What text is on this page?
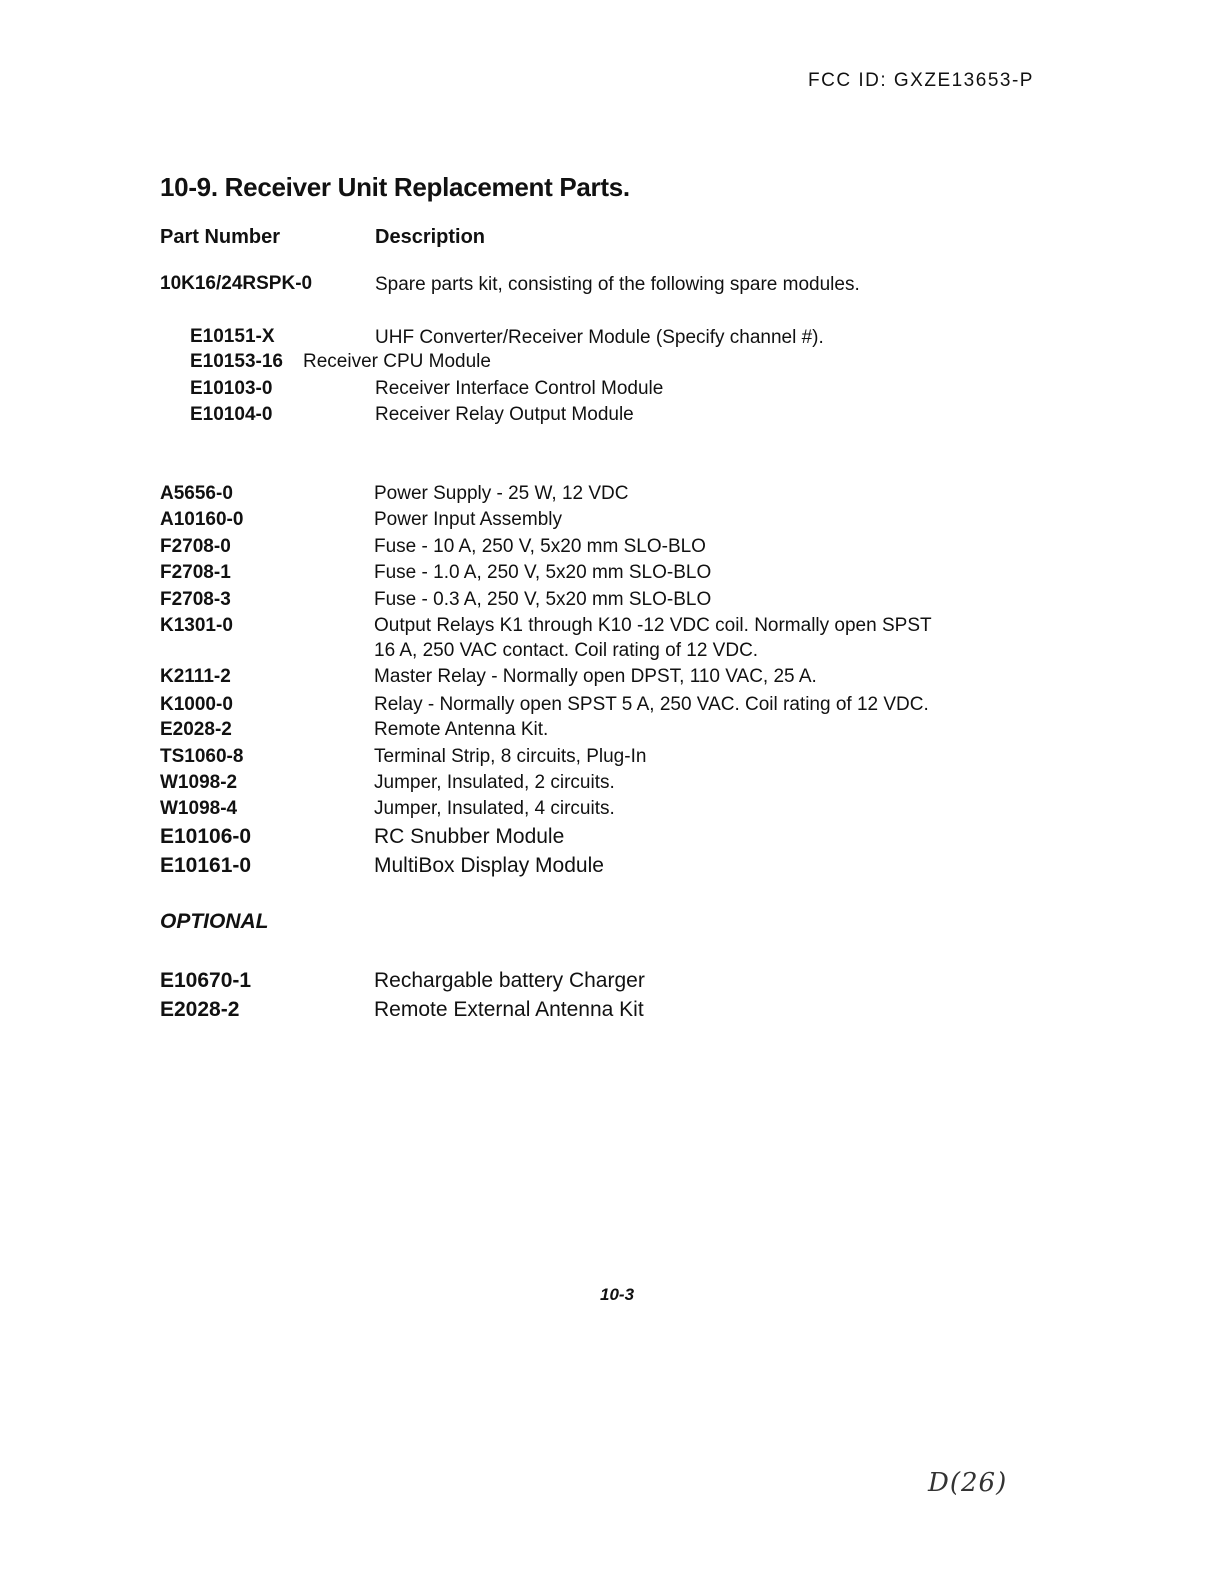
FCC ID: GXZE13653-P
10-9. Receiver Unit Replacement Parts.
Part Number	Description
10K16/24RSPK-0	Spare parts kit, consisting of the following spare modules.
E10151-X	UHF Converter/Receiver Module (Specify channel #).
E10153-16 Receiver CPU Module
E10103-0	Receiver Interface Control Module
E10104-0	Receiver Relay Output Module
A5656-0	Power Supply - 25 W, 12 VDC
A10160-0	Power Input Assembly
F2708-0	Fuse - 10 A, 250 V, 5x20 mm SLO-BLO
F2708-1	Fuse - 1.0 A, 250 V, 5x20 mm SLO-BLO
F2708-3	Fuse - 0.3 A, 250 V, 5x20 mm SLO-BLO
K1301-0	Output Relays K1 through K10 -12 VDC coil. Normally open SPST
16 A, 250 VAC contact. Coil rating of 12 VDC.
K2111-2	Master Relay - Normally open DPST, 110 VAC, 25 A.
K1000-0	Relay - Normally open SPST 5 A, 250 VAC. Coil rating of 12 VDC.
E2028-2	Remote Antenna Kit.
TS1060-8	Terminal Strip, 8 circuits, Plug-In
W1098-2	Jumper, Insulated, 2 circuits.
W1098-4	Jumper, Insulated, 4 circuits.
E10106-0	RC Snubber Module
E10161-0	MultiBox Display Module
OPTIONAL
E10670-1	Rechargable battery Charger
E2028-2	Remote External Antenna Kit
10-3
D(26)
